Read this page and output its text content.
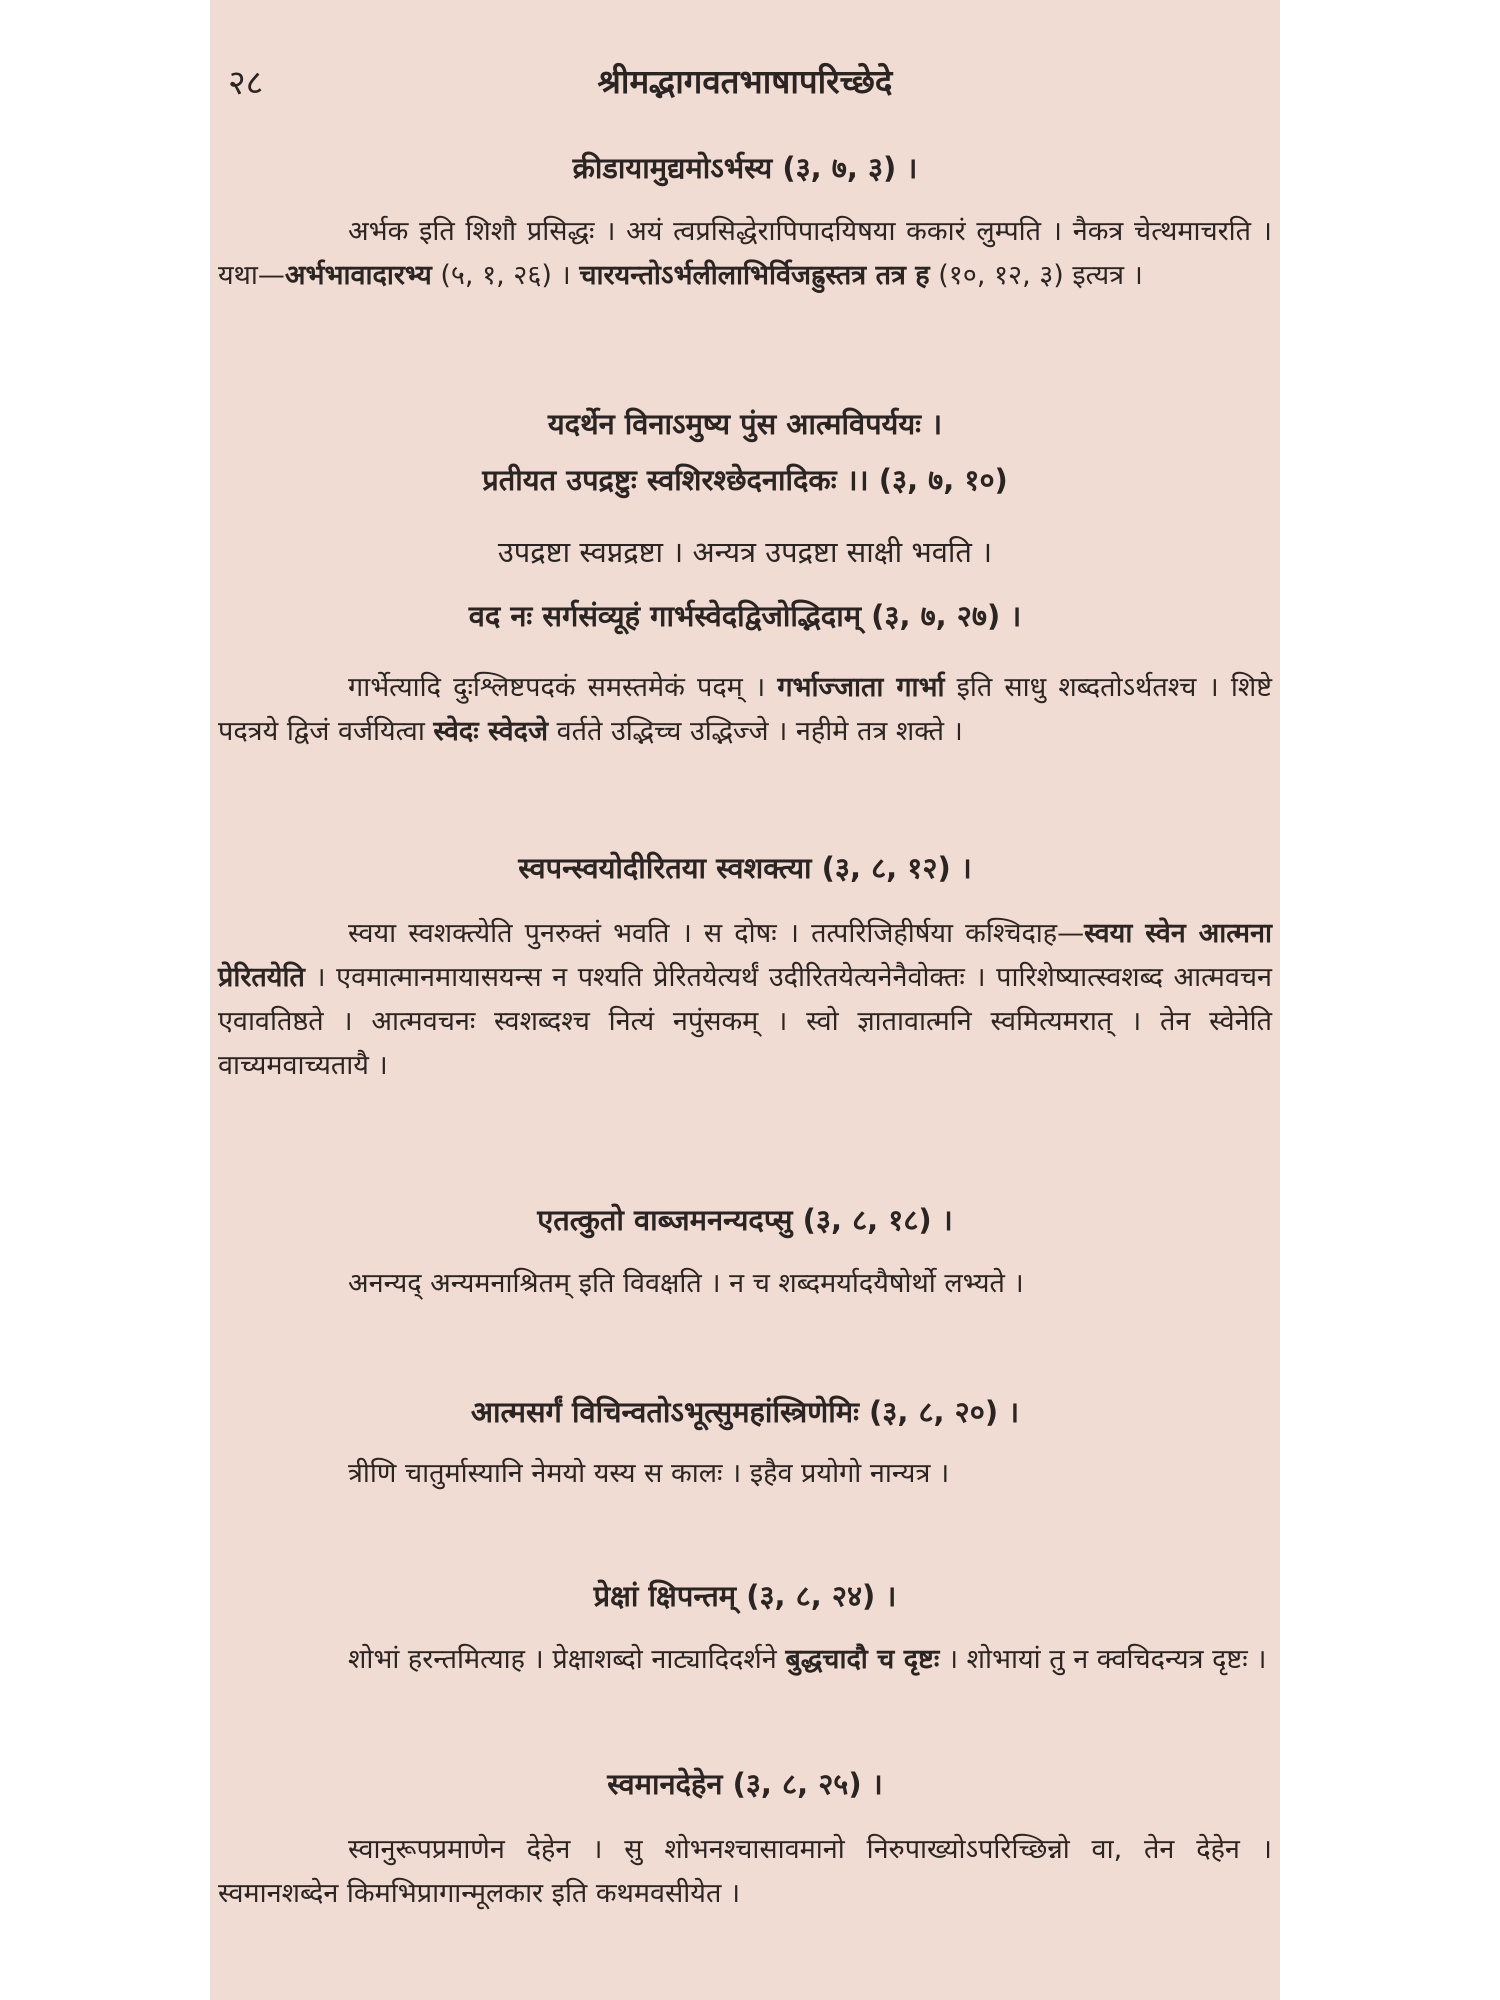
२८	श्रीमद्भागवतभाषापरिच्छेदे
क्रीडायामुद्यमोऽर्भस्य (३, ७, ३) ।
अर्भक इति शिशौ प्रसिद्धः । अयं त्वप्रसिद्धेरापिपादयिषया ककारं लुम्पति । नैकत्र चेत्थमाचरति । यथा—अर्भभावादारभ्य (५, १, २६) । चारयन्तोऽर्भलीलाभिर्विजह्रुस्तत्र तत्र ह (१०, १२, ३) इत्यत्र ।
यदर्थेन विनाऽमुष्य पुंस आत्मविपर्ययः ।
प्रतीयत उपद्रष्टुः स्वशिरश्छेदनादिकः ।। (३, ७, १०)
उपद्रष्टा स्वप्नद्रष्टा । अन्यत्र उपद्रष्टा साक्षी भवति ।
वद नः सर्गसंव्यूहं गार्भस्वेदद्विजोद्भिदाम् (३, ७, २७) ।
गार्भेत्यादि दुःश्लिष्टपदकं समस्तमेकं पदम् । गर्भाज्जाता गार्भा इति साधु शब्दतोऽर्थतश्च । शिष्टे पदत्रये द्विजं वर्जयित्वा स्वेदः स्वेदजे वर्तते उद्भिच्च उद्भिज्जे । नहीमे तत्र शक्ते ।
स्वपन्स्वयोदीरितया स्वशक्त्या (३, ८, १२) ।
स्वया स्वशक्त्येति पुनरुक्तं भवति । स दोषः । तत्परिजिहीर्षया कश्चिदाह—स्वया स्वेन आत्मना प्रेरितयेति । एवमात्मानमायासयन्स न पश्यति प्रेरितयेत्यर्थं उदीरितयेत्यनेनैवोक्तः । पारिशेष्यात्स्वशब्द आत्मवचन एवावतिष्ठते । आत्मवचनः स्वशब्दश्च नित्यं नपुंसकम् । स्वो ज्ञातावात्मनि स्वमित्यमरात् । तेन स्वेनेति वाच्यमवाच्यतायै ।
एतत्कुतो वाब्जमनन्यदप्सु (३, ८, १८) ।
अनन्यद् अन्यमनाश्रितम् इति विवक्षति । न च शब्दमर्यादयैषोर्थो लभ्यते ।
आत्मसर्गं विचिन्वतोऽभूत्सुमहांस्त्रिणेमिः (३, ८, २०) ।
त्रीणि चातुर्मास्यानि नेमयो यस्य स कालः । इहैव प्रयोगो नान्यत्र ।
प्रेक्षां क्षिपन्तम् (३, ८, २४) ।
शोभां हरन्तमित्याह । प्रेक्षाशब्दो नाट्यादिदर्शने बुद्धचादौ च दृष्टः । शोभायां तु न क्वचिदन्यत्र दृष्टः ।
स्वमानदेहेन (३, ८, २५) ।
स्वानुरूपप्रमाणेन देहेन । सु शोभनश्चासावमानो निरुपाख्योऽपरिच्छिन्नो वा, तेन देहेन । स्वमानशब्देन किमभिप्रागान्मूलकार इति कथमवसीयेत ।
